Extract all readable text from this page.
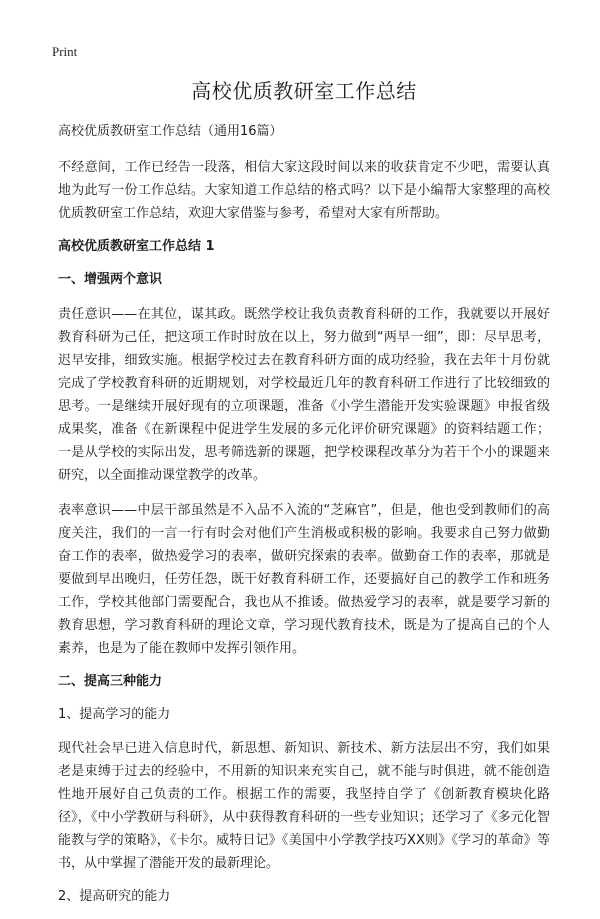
Print
高校优质教研室工作总结
高校优质教研室工作总结（通用16篇）

不经意间，工作已经告一段落，相信大家这段时间以来的收获肯定不少吧，需要认真地为此写一份工作总结。大家知道工作总结的格式吗？以下是小编帮大家整理的高校优质教研室工作总结，欢迎大家借鉴与参考，希望对大家有所帮助。

高校优质教研室工作总结 1
一、增强两个意识

责任意识——在其位，谋其政。既然学校让我负责教育科研的工作，我就要以开展好教育科研为己任，把这项工作时时放在以上，努力做到“两早一细”，即：尽早思考，迟早安排，细致实施。根据学校过去在教育科研方面的成功经验，我在去年十月份就完成了学校教育科研的近期规划，对学校最近几年的教育科研工作进行了比较细致的思考。一是继续开展好现有的立项课题，准备《小学生潜能开发实验课题》申报省级成果奖，准备《在新课程中促进学生发展的多元化评价研究课题》的资料结题工作；一是从学校的实际出发，思考筛选新的课题，把学校课程改革分为若干个小的课题来研究，以全面推动课堂教学的改革。

表率意识——中层干部虽然是不入品不入流的“芝麻官”，但是，他也受到教师们的高度关注，我们的一言一行有时会对他们产生消极或积极的影响。我要求自己努力做勤奋工作的表率，做热爱学习的表率，做研究探索的表率。做勤奋工作的表率，那就是要做到早出晚归，任劳任怨，既干好教育科研工作，还要搞好自己的教学工作和班务工作，学校其他部门需要配合，我也从不推诿。做热爱学习的表率，就是要学习新的教育思想，学习教育科研的理论文章，学习现代教育技术，既是为了提高自己的个人素养，也是为了能在教师中发挥引领作用。

二、提高三种能力
1、提高学习的能力

现代社会早已进入信息时代，新思想、新知识、新技术、新方法层出不穷，我们如果老是束缚于过去的经验中，不用新的知识来充实自己，就不能与时俱进，就不能创造性地开展好自己负责的工作。根据工作的需要，我坚持自学了《创新教育模块化路径》，《中小学教研与科研》，从中获得教育科研的一些专业知识；还学习了《多元化智能教与学的策略》，《卡尔。威特日记》《美国中小学教学技巧XX则》《学习的革命》等书，从中掌握了潜能开发的最新理论。

2、提高研究的能力
